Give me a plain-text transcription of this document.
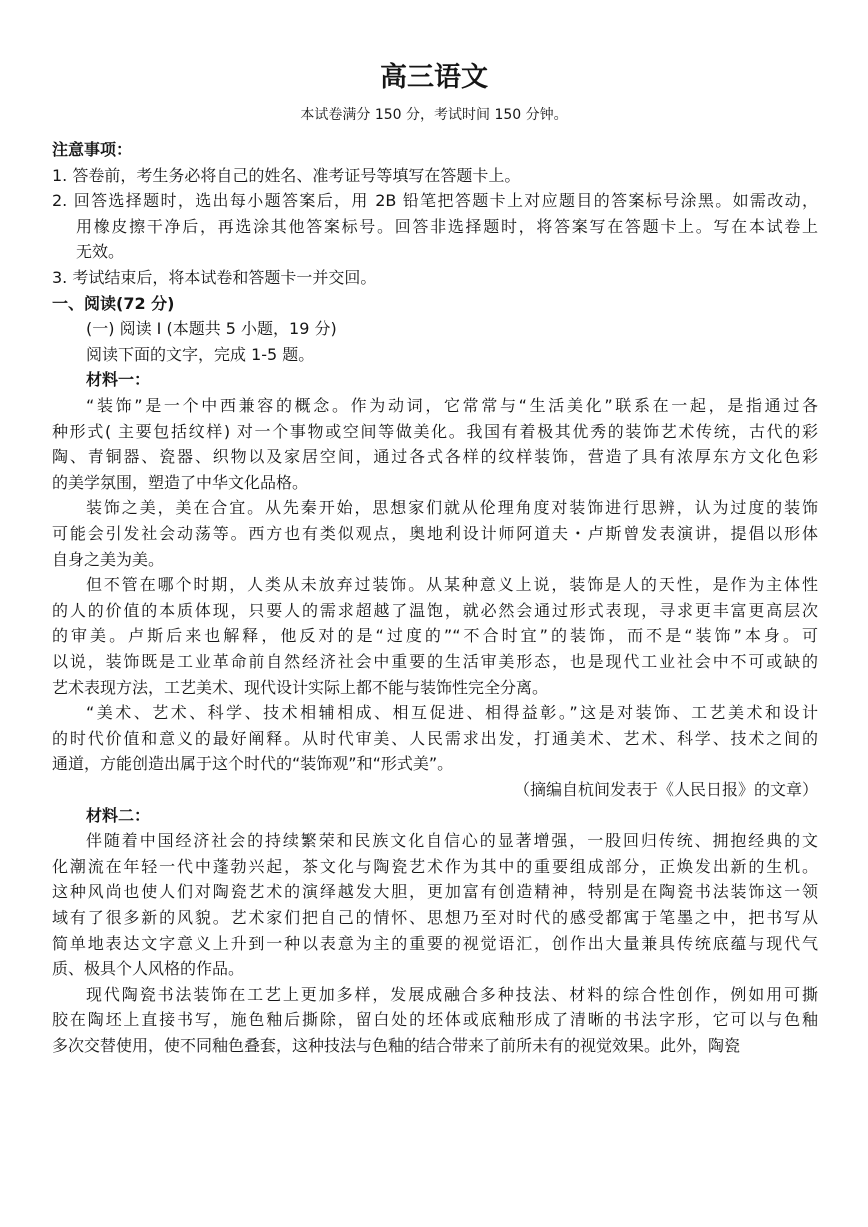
高三语文
本试卷满分 150 分，考试时间 150 分钟。
注意事项：
1. 答卷前，考生务必将自己的姓名、准考证号等填写在答题卡上。
2. 回答选择题时，选出每小题答案后，用 2B 铅笔把答题卡上对应题目的答案标号涂黑。如需改动，
用橡皮擦干净后，再选涂其他答案标号。回答非选择题时，将答案写在答题卡上。写在本试卷上
无效。
3. 考试结束后，将本试卷和答题卡一并交回。
一、阅读(72 分)
(一) 阅读 Ⅰ (本题共 5 小题，19 分)
阅读下面的文字，完成 1-5 题。
材料一：
“装饰”是一个中西兼容的概念。作为动词，它常常与“生活美化”联系在一起，是指通过各
种形式( 主要包括纹样) 对一个事物或空间等做美化。我国有着极其优秀的装饰艺术传统，古代的彩
陶、青铜器、瓷器、织物以及家居空间，通过各式各样的纹样装饰，营造了具有浓厚东方文化色彩
的美学氛围，塑造了中华文化品格。
装饰之美，美在合宜。从先秦开始，思想家们就从伦理角度对装饰进行思辨，认为过度的装饰
可能会引发社会动荡等。西方也有类似观点，奥地利设计师阿道夫・卢斯曾发表演讲，提倡以形体
自身之美为美。
但不管在哪个时期，人类从未放弃过装饰。从某种意义上说，装饰是人的天性，是作为主体性
的人的价值的本质体现，只要人的需求超越了温饱，就必然会通过形式表现，寻求更丰富更高层次
的审美。卢斯后来也解释，他反对的是“过度的”“不合时宜”的装饰，而不是“装饰”本身。可
以说，装饰既是工业革命前自然经济社会中重要的生活审美形态，也是现代工业社会中不可或缺的
艺术表现方法，工艺美术、现代设计实际上都不能与装饰性完全分离。
“美术、艺术、科学、技术相辅相成、相互促进、相得益彰。”这是对装饰、工艺美术和设计
的时代价值和意义的最好阐释。从时代审美、人民需求出发，打通美术、艺术、科学、技术之间的
通道，方能创造出属于这个时代的“装饰观”和“形式美”。
（摘编自杭间发表于《人民日报》的文章）
材料二：
伴随着中国经济社会的持续繁荣和民族文化自信心的显著增强，一股回归传统、拥抱经典的文
化潮流在年轻一代中蓬勃兴起，茶文化与陶瓷艺术作为其中的重要组成部分，正焕发出新的生机。
这种风尚也使人们对陶瓷艺术的演绎越发大胆，更加富有创造精神，特别是在陶瓷书法装饰这一领
域有了很多新的风貌。艺术家们把自己的情怀、思想乃至对时代的感受都寓于笔墨之中，把书写从
简单地表达文字意义上升到一种以表意为主的重要的视觉语汇，创作出大量兼具传统底蕴与现代气
质、极具个人风格的作品。
现代陶瓷书法装饰在工艺上更加多样，发展成融合多种技法、材料的综合性创作，例如用可撕
胶在陶坯上直接书写，施色釉后撕除，留白处的坯体或底釉形成了清晰的书法字形，它可以与色釉
多次交替使用，使不同釉色叠套，这种技法与色釉的结合带来了前所未有的视觉效果。此外，陶瓷
